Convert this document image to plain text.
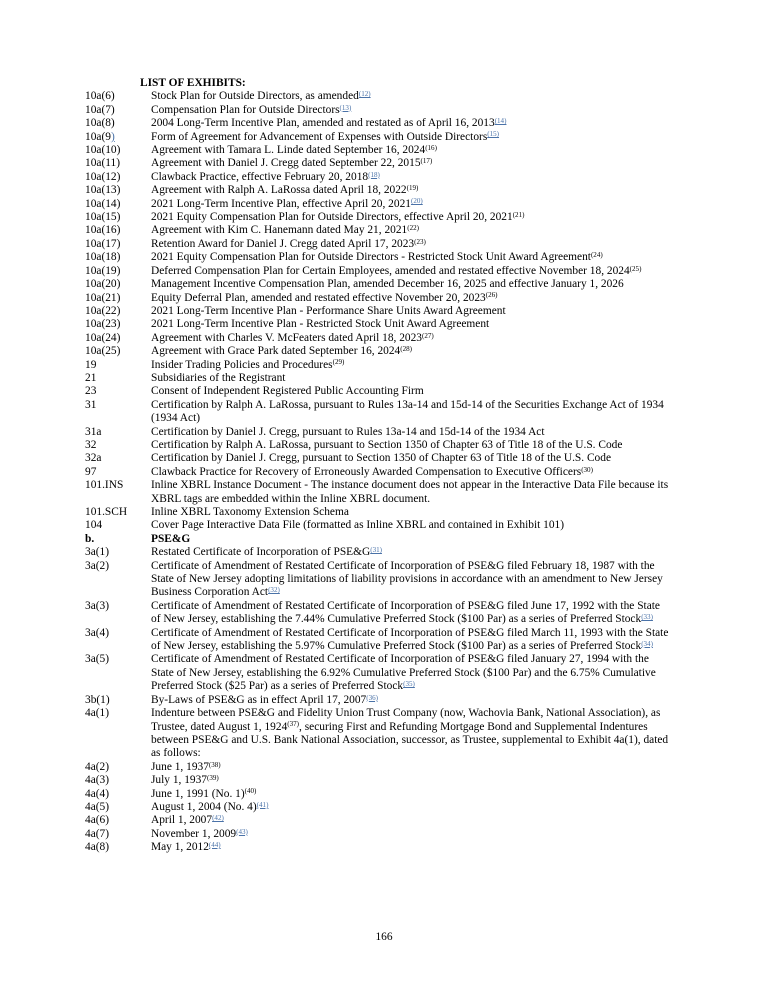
LIST OF EXHIBITS:
10a(6)	Stock Plan for Outside Directors, as amended$^{(12)}$
10a(7)	Compensation Plan for Outside Directors$^{(13)}$
10a(8)	2004 Long-Term Incentive Plan, amended and restated as of April 16, 2013$^{(14)}$
10a(9)	Form of Agreement for Advancement of Expenses with Outside Directors$^{(15)}$
10a(10)	Agreement with Tamara L. Linde dated September 16, 2024$^{(16)}$
10a(11)	Agreement with Daniel J. Cregg dated September 22, 2015$^{(17)}$
10a(12)	Clawback Practice, effective February 20, 2018$^{(18)}$
10a(13)	Agreement with Ralph A. LaRossa dated April 18, 2022$^{(19)}$
10a(14)	2021 Long-Term Incentive Plan, effective April 20, 2021$^{(20)}$
10a(15)	2021 Equity Compensation Plan for Outside Directors, effective April 20, 2021$^{(21)}$
10a(16)	Agreement with Kim C. Hanemann dated May 21, 2021$^{(22)}$
10a(17)	Retention Award for Daniel J. Cregg dated April 17, 2023$^{(23)}$
10a(18)	2021 Equity Compensation Plan for Outside Directors - Restricted Stock Unit Award Agreement$^{(24)}$
10a(19)	Deferred Compensation Plan for Certain Employees, amended and restated effective November 18, 2024$^{(25)}$
10a(20)	Management Incentive Compensation Plan, amended December 16, 2025 and effective January 1, 2026
10a(21)	Equity Deferral Plan, amended and restated effective November 20, 2023$^{(26)}$
10a(22)	2021 Long-Term Incentive Plan - Performance Share Units Award Agreement
10a(23)	2021 Long-Term Incentive Plan - Restricted Stock Unit Award Agreement
10a(24)	Agreement with Charles V. McFeaters dated April 18, 2023$^{(27)}$
10a(25)	Agreement with Grace Park dated September 16, 2024$^{(28)}$
19	Insider Trading Policies and Procedures$^{(29)}$
21	Subsidiaries of the Registrant
23	Consent of Independent Registered Public Accounting Firm
31	Certification by Ralph A. LaRossa, pursuant to Rules 13a-14 and 15d-14 of the Securities Exchange Act of 1934 (1934 Act)
31a	Certification by Daniel J. Cregg, pursuant to Rules 13a-14 and 15d-14 of the 1934 Act
32	Certification by Ralph A. LaRossa, pursuant to Section 1350 of Chapter 63 of Title 18 of the U.S. Code
32a	Certification by Daniel J. Cregg, pursuant to Section 1350 of Chapter 63 of Title 18 of the U.S. Code
97	Clawback Practice for Recovery of Erroneously Awarded Compensation to Executive Officers$^{(30)}$
101.INS	Inline XBRL Instance Document - The instance document does not appear in the Interactive Data File because its XBRL tags are embedded within the Inline XBRL document.
101.SCH	Inline XBRL Taxonomy Extension Schema
104	Cover Page Interactive Data File (formatted as Inline XBRL and contained in Exhibit 101)
b.	PSE&G
3a(1)	Restated Certificate of Incorporation of $PSE\&G^{(31)}$
3a(2)	Certificate of Amendment of Restated Certificate of Incorporation of PSE&G filed February 18, 1987 with the State of New Jersey adopting limitations of liability provisions in accordance with an amendment to New Jersey Business Corporation Act$^{(32)}$
3a(3)	Certificate of Amendment of Restated Certificate of Incorporation of PSE&G filed June 17, 1992 with the State of New Jersey, establishing the 7.44% Cumulative Preferred Stock ($100 Par) as a series of Preferred Stock$^{(33)}$
3a(4)	Certificate of Amendment of Restated Certificate of Incorporation of PSE&G filed March 11, 1993 with the State of New Jersey, establishing the 5.97% Cumulative Preferred Stock ($100 Par) as a series of Preferred Stock$^{(34)}$
3a(5)	Certificate of Amendment of Restated Certificate of Incorporation of PSE&G filed January 27, 1994 with the State of New Jersey, establishing the 6.92% Cumulative Preferred Stock ($100 Par) and the 6.75% Cumulative Preferred Stock ($25 Par) as a series of Preferred Stock$^{(35)}$
3b(1)	By-Laws of PSE&G as in effect April 17, 2007$^{(36)}$
4a(1)	Indenture between PSE&G and Fidelity Union Trust Company (now, Wachovia Bank, National Association), as Trustee, dated August 1, 1924$^{(37)}$, securing First and Refunding Mortgage Bond and Supplemental Indentures between PSE&G and U.S. Bank National Association, successor, as Trustee, supplemental to Exhibit 4a(1), dated as follows:
4a(2)	June 1, 1937$^{(38)}$
4a(3)	July 1, 1937$^{(39)}$
4a(4)	June 1, 1991 (No. 1)$^{(40)}$
4a(5)	August 1, 2004 (No. 4)$^{(41)}$
4a(6)	April 1, 2007$^{(42)}$
4a(7)	November 1, 2009$^{(43)}$
4a(8)	May 1, 2012$^{(44)}$
166
